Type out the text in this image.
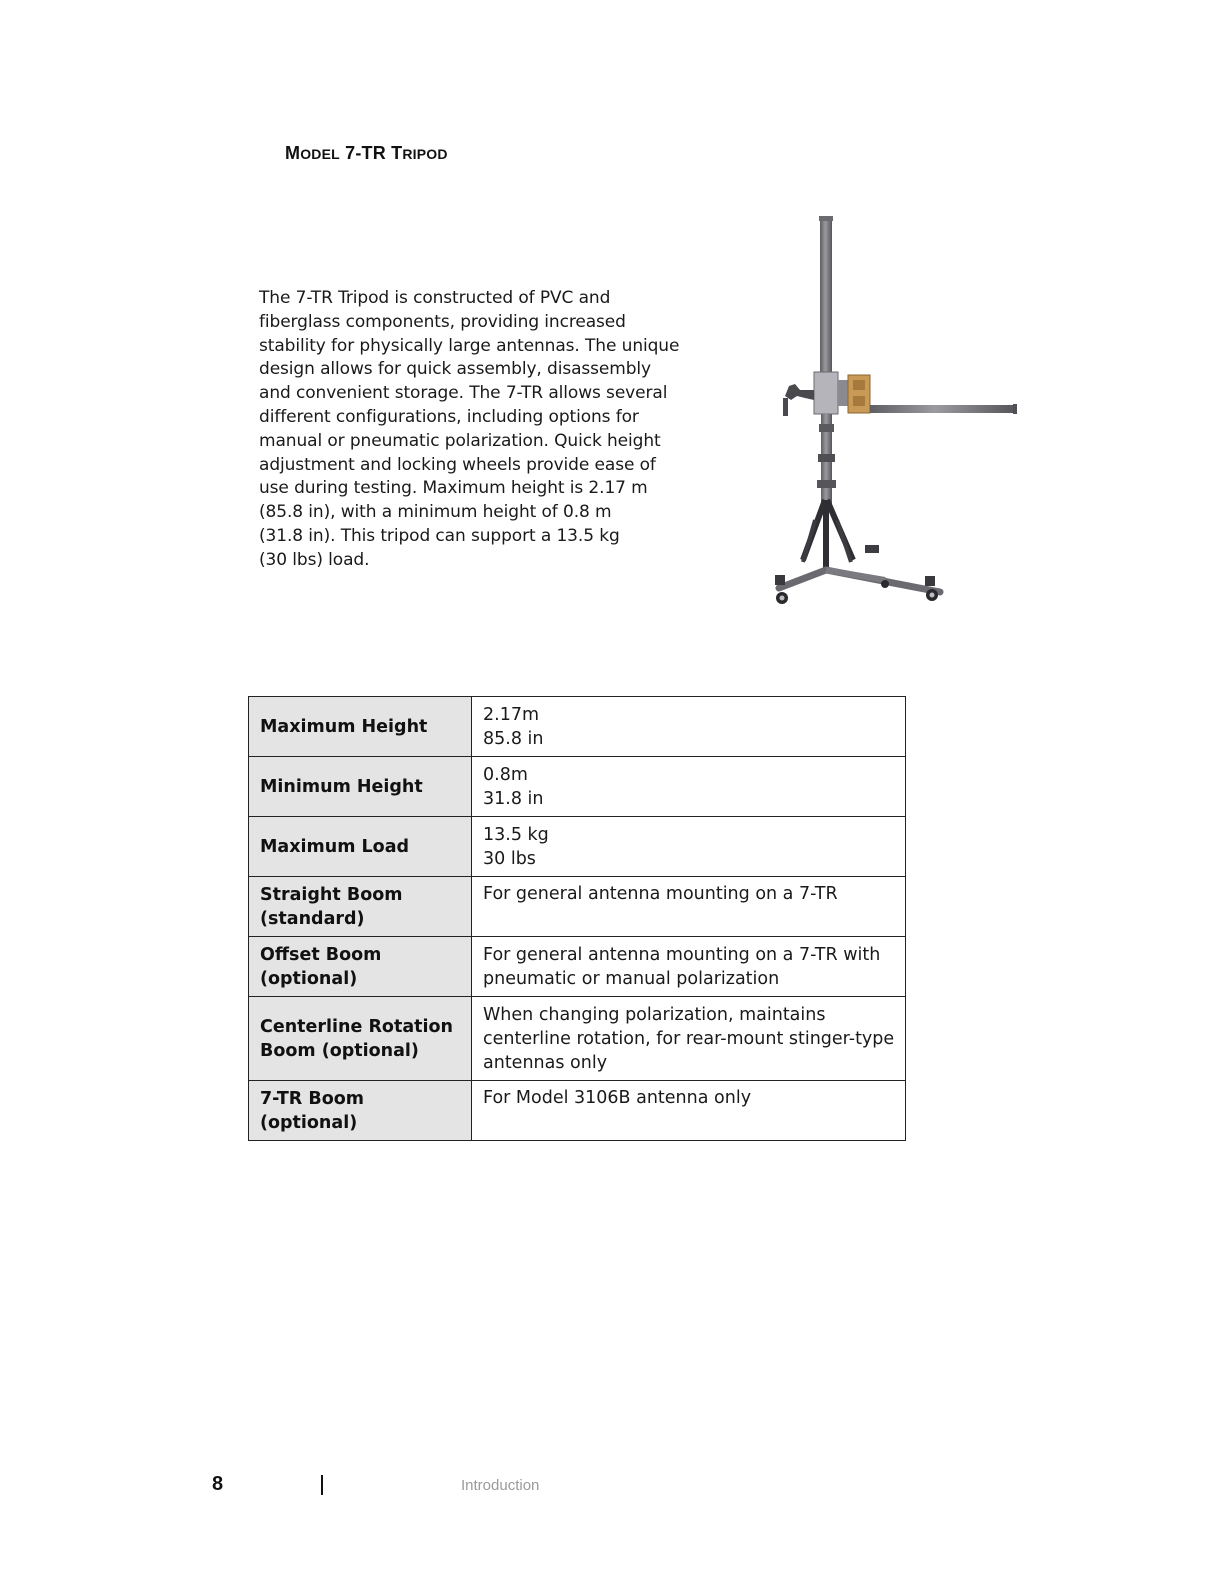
MODEL 7-TR TRIPOD

The 7-TR Tripod is constructed of PVC and
fiberglass components, providing increased
stability for physically large antennas. The unique
design allows for quick assembly, disassembly
and convenient storage. The 7-TR allows several
different configurations, including options for
manual or pneumatic polarization. Quick height
adjustment and locking wheels provide ease of
use during testing. Maximum height is 2.17 m
(85.8 in), with a minimum height of 0.8 m
(31.8 in). This tripod can support a 13.5 kg
(30 lbs) load.

Maximum Height	2.17m
85.8 in

Minimum Height	0.8m
31.8 in

Maximum Load	13.5 kg
30 lbs

Straight Boom
(standard)	For general antenna mounting on a 7-TR

Offset Boom
(optional)	For general antenna mounting on a 7-TR with
pneumatic or manual polarization

Centerline Rotation
Boom (optional)	When changing polarization, maintains
centerline rotation, for rear-mount stinger-type
antennas only

7-TR Boom
(optional)	For Model 3106B antenna only
8	Introduction
